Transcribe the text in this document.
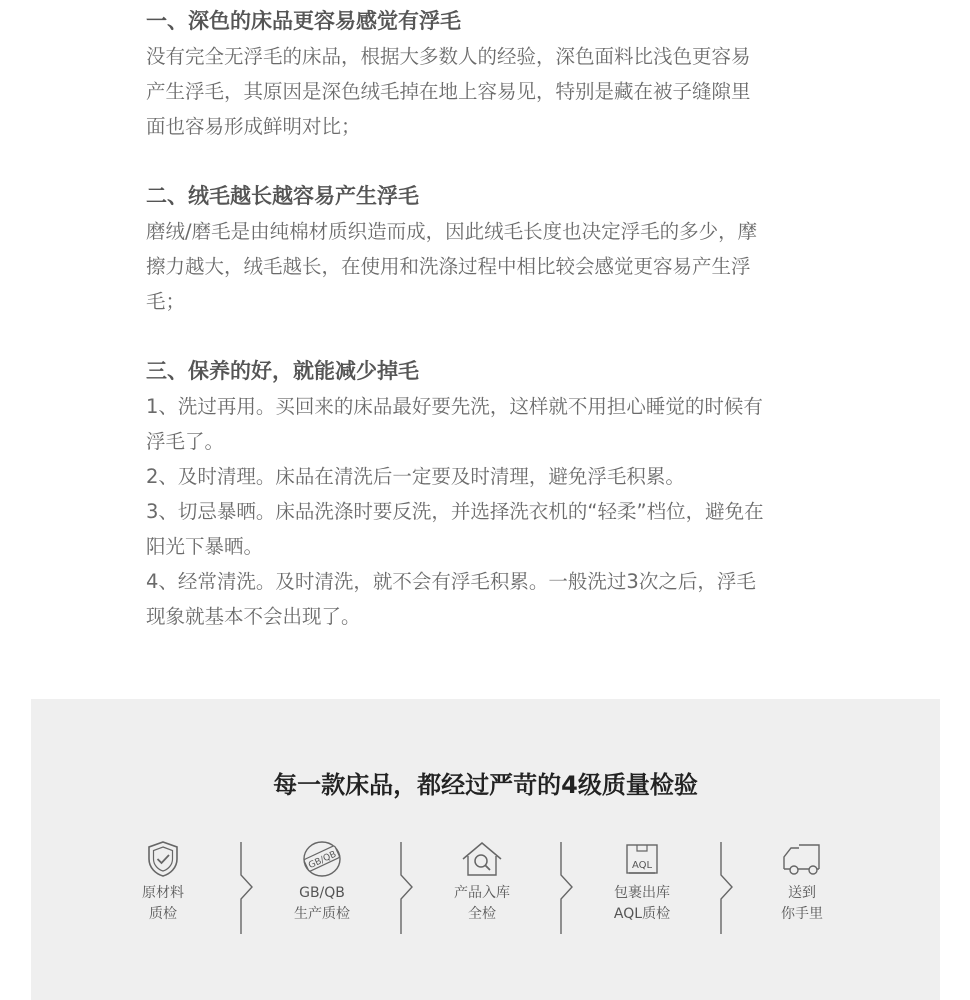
一、深色的床品更容易感觉有浮毛

没有完全无浮毛的床品，根据大多数人的经验，深色面料比浅色更容易

产生浮毛，其原因是深色绒毛掉在地上容易见，特别是藏在被子缝隙里

面也容易形成鲜明对比；

二、绒毛越长越容易产生浮毛

磨绒/磨毛是由纯棉材质织造而成，因此绒毛长度也决定浮毛的多少，摩

擦力越大，绒毛越长，在使用和洗涤过程中相比较会感觉更容易产生浮

毛；

三、保养的好，就能减少掉毛

1、洗过再用。买回来的床品最好要先洗，这样就不用担心睡觉的时候有

浮毛了。

2、及时清理。床品在清洗后一定要及时清理，避免浮毛积累。

3、切忌暴晒。床品洗涤时要反洗，并选择洗衣机的“轻柔”档位，避免在

阳光下暴晒。

4、经常清洗。及时清洗，就不会有浮毛积累。一般洗过3次之后，浮毛

现象就基本不会出现了。

每一款床品，都经过严苛的4级质量检验
原材料
质检
GB/QB
GB/QB
生产质检
产品入库
全检
AQL
包裹出库
AQL质检
送到
你手里
